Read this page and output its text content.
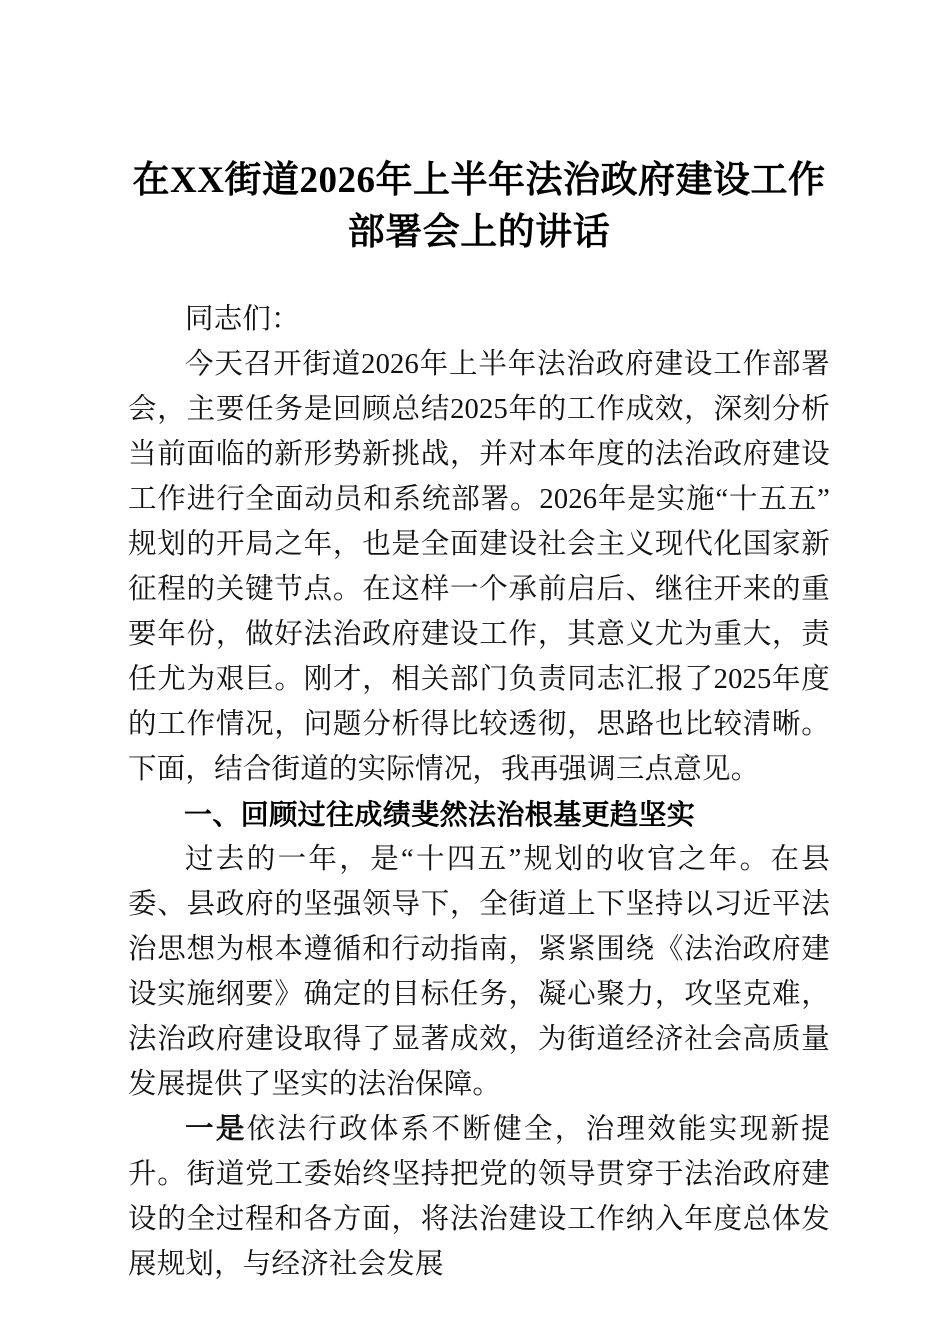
在XX街道2026年上半年法治政府建设工作部署会上的讲话

同志们：

今天召开街道2026年上半年法治政府建设工作部署会，主要任务是回顾总结2025年的工作成效，深刻分析当前面临的新形势新挑战，并对本年度的法治政府建设工作进行全面动员和系统部署。2026年是实施“十五五”规划的开局之年，也是全面建设社会主义现代化国家新征程的关键节点。在这样一个承前启后、继往开来的重要年份，做好法治政府建设工作，其意义尤为重大，责任尤为艰巨。刚才，相关部门负责同志汇报了2025年度的工作情况，问题分析得比较透彻，思路也比较清晰。下面，结合街道的实际情况，我再强调三点意见。

一、回顾过往成绩斐然法治根基更趋坚实

过去的一年，是“十四五”规划的收官之年。在县委、县政府的坚强领导下，全街道上下坚持以习近平法治思想为根本遵循和行动指南，紧紧围绕《法治政府建设实施纲要》确定的目标任务，凝心聚力，攻坚克难，法治政府建设取得了显著成效，为街道经济社会高质量发展提供了坚实的法治保障。

一是依法行政体系不断健全，治理效能实现新提升。街道党工委始终坚持把党的领导贯穿于法治政府建设的全过程和各方面，将法治建设工作纳入年度总体发展规划，与经济社会发展
